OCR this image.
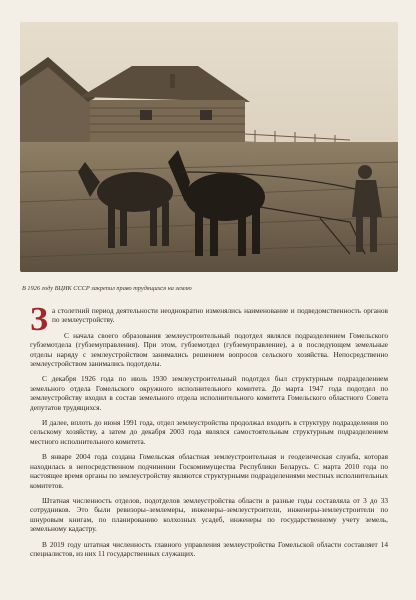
В 1926 году ВЦИК СССР закрепил право трудящихся на землю

За столетний период деятельности неоднократно изменялись наименование и подведомственность органов по землеустройству.

С начала своего образования землеустроительный подотдел являлся подразделением Гомельского губземотдела (губземуправления). При этом, губземотдел (губземуправление), а в последующем земельные отделы наряду с землеустройством занимались решением вопросов сельского хозяйства. Непосредственно землеустройством занимались подотделы.

С декабря 1926 года по июль 1930 землеустроительный подотдел был структурным подразделением земельного отдела Гомельского окружного исполнительного комитета. До марта 1947 года подотдел по землеустройству входил в состав земельного отдела исполнительного комитета Гомельского областного Совета депутатов трудящихся.

И далее, вплоть до июня 1991 года, отдел землеустройства продолжал входить в структуру подразделения по сельскому хозяйству, а затем до декабря 2003 года являлся самостоятельным структурным подразделением местного исполнительного комитета.

В январе 2004 года создана Гомельская областная землеустроительная и геодезическая служба, которая находилась в непосредственном подчинении Госкомимущества Республики Беларусь. С марта 2010 года по настоящее время органы по землеустройству являются структурными подразделениями местных исполнительных комитетов.

Штатная численность отделов, подотделов землеустройства области в разные годы составляла от 3 до 33 сотрудников. Это были ревизоры–землемеры, инженеры–землеустроители, инженеры-землеустроители по шнуровым книгам, по планированию колхозных усадеб, инженеры по государственному учету земель, земельному кадастру.

В 2019 году штатная численность главного управления землеустройства Гомельской области составляет 14 специалистов, из них 11 государственных служащих.
